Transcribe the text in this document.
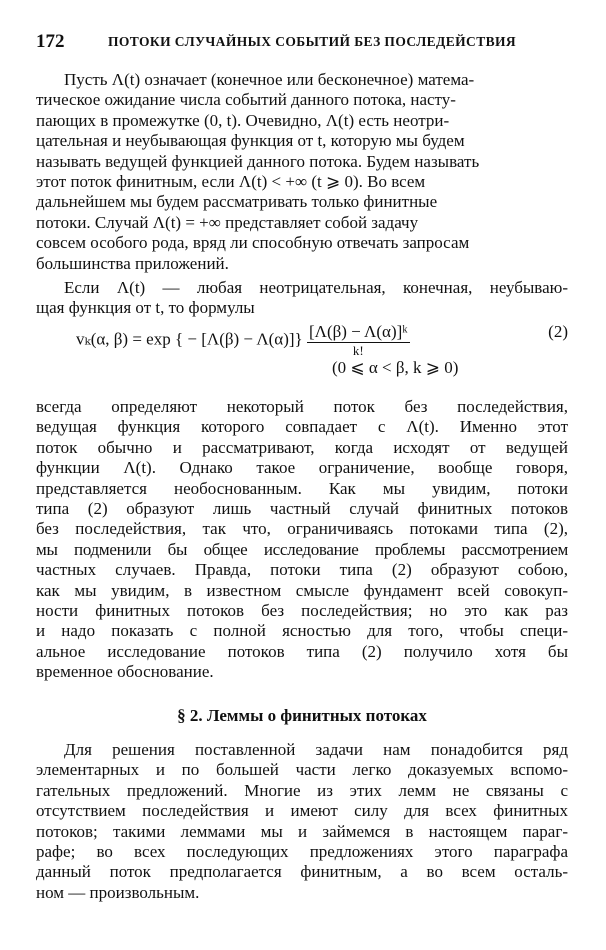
172	ПОТОКИ СЛУЧАЙНЫХ СОБЫТИЙ БЕЗ ПОСЛЕДЕЙСТВИЯ
Пусть Λ(t) означает (конечное или бесконечное) матема-
тическое ожидание числа событий данного потока, насту-
пающих в промежутке (0, t). Очевидно, Λ(t) есть неотри-
цательная и неубывающая функция от t, которую мы будем
называть ведущей функцией данного потока. Будем называть
этот поток финитным, если Λ(t) < +∞ (t ⩾ 0). Во всем
дальнейшем мы будем рассматривать только финитные
потоки. Случай Λ(t) = +∞ представляет собой задачу
совсем особого рода, вряд ли способную отвечать запросам
большинства приложений.
Если Λ(t) — любая неотрицательная, конечная, неубываю-
щая функция от t, то формулы
vₖ(α, β) = exp { − $[\Lambda(\beta) - \Lambda(\alpha)]\} \frac{\text{[Λ(β) − Λ(α)]ᵏ}}{k!}$	(2)
(0 ⩽ α < β, k ⩾ 0)
всегда определяют некоторый поток без последействия,
ведущая функция которого совпадает с Λ(t). Именно этот
поток обычно и рассматривают, когда исходят от ведущей
функции Λ(t). Однако такое ограничение, вообще говоря,
представляется необоснованным. Как мы увидим, потоки
типа (2) образуют лишь частный случай финитных потоков
без последействия, так что, ограничиваясь потоками типа (2),
мы подменили бы общее исследование проблемы рассмотрением
частных случаев. Правда, потоки типа (2) образуют собою,
как мы увидим, в известном смысле фундамент всей совокуп-
ности финитных потоков без последействия; но это как раз
и надо показать с полной ясностью для того, чтобы специ-
альное исследование потоков типа (2) получило хотя бы
временное обоснование.
§ 2. Леммы о финитных потоках
Для решения поставленной задачи нам понадобится ряд
элементарных и по большей части легко доказуемых вспомо-
гательных предложений. Многие из этих лемм не связаны с
отсутствием последействия и имеют силу для всех финитных
потоков; такими леммами мы и займемся в настоящем параг-
рафе; во всех последующих предложениях этого параграфа
данный поток предполагается финитным, а во всем осталь-
ном — произвольным.
